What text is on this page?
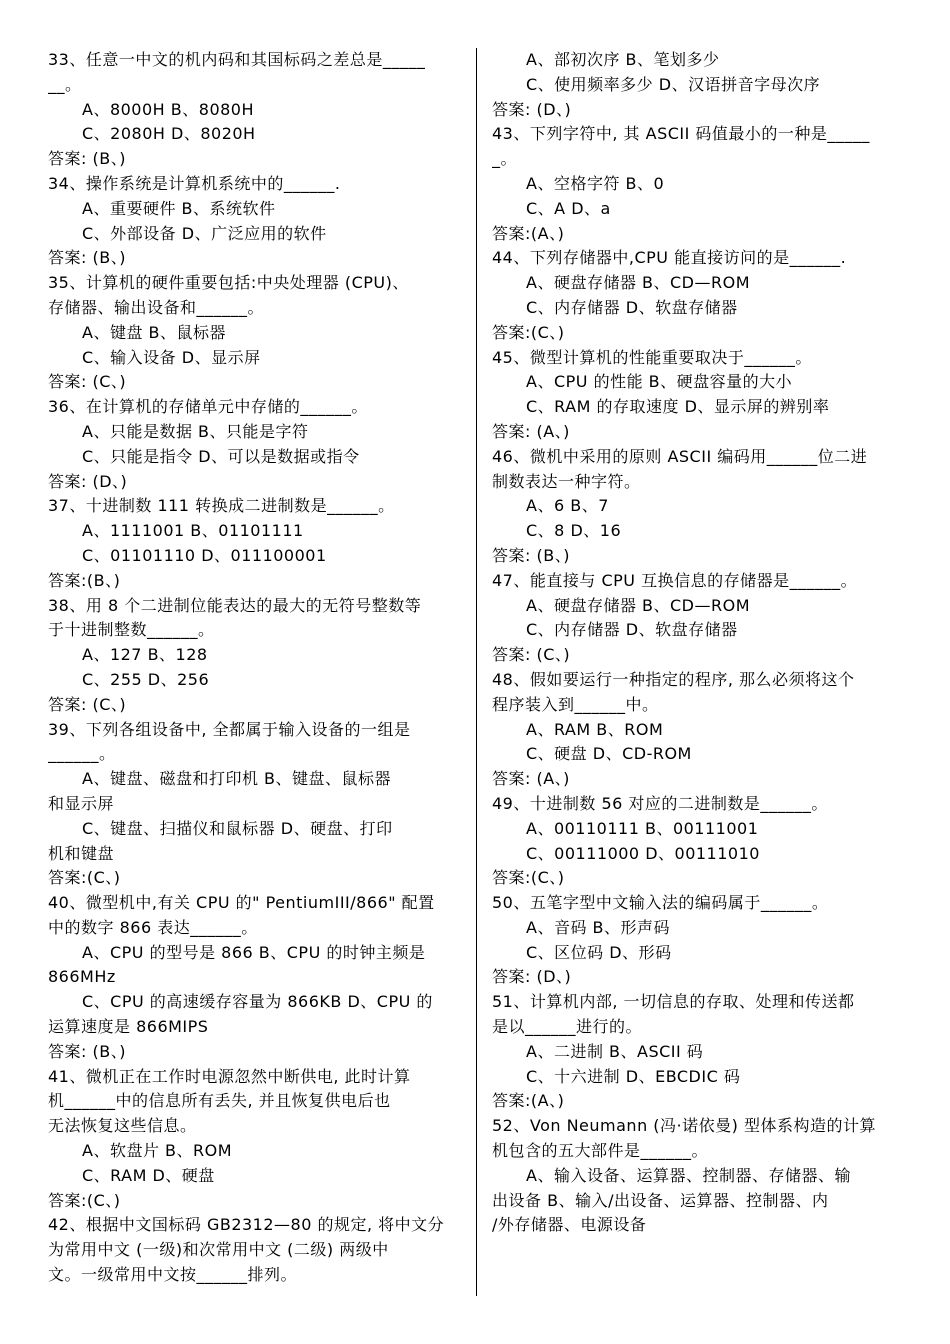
33、任意一中文的机内码和其国标码之差总是_____
__。
A、8000H B、8080H
C、2080H D、8020H
答案: (B、)
34、操作系统是计算机系统中的______.
A、重要硬件 B、系统软件
C、外部设备 D、广泛应用的软件
答案: (B、)
35、计算机的硬件重要包括:中央处理器 (CPU)、
存储器、输出设备和______。
A、键盘 B、鼠标器
C、输入设备 D、显示屏
答案: (C、)
36、在计算机的存储单元中存储的______。
A、只能是数据 B、只能是字符
C、只能是指令 D、可以是数据或指令
答案: (D、)
37、十进制数 111 转换成二进制数是______。
A、1111001 B、01101111
C、01101110 D、011100001
答案:(B、)
38、用 8 个二进制位能表达的最大的无符号整数等
于十进制整数______。
A、127 B、128
C、255 D、256
答案: (C、)
39、下列各组设备中, 全都属于输入设备的一组是
______。
A、键盘、磁盘和打印机 B、键盘、鼠标器
和显示屏
C、键盘、扫描仪和鼠标器 D、硬盘、打印
机和键盘
答案:(C、)
40、微型机中,有关 CPU 的" PentiumIII/866" 配置
中的数字 866 表达______。
A、CPU 的型号是 866 B、CPU 的时钟主频是
866MHz
C、CPU 的高速缓存容量为 866KB D、CPU 的
运算速度是 866MIPS
答案: (B、)
41、微机正在工作时电源忽然中断供电, 此时计算
机______中的信息所有丢失, 并且恢复供电后也
无法恢复这些信息。
A、软盘片 B、ROM
C、RAM D、硬盘
答案:(C、)
42、根据中文国标码 GB2312—80 的规定, 将中文分
为常用中文 (一级)和次常用中文 (二级) 两级中
文。一级常用中文按______排列。
A、部初次序 B、笔划多少
C、使用频率多少 D、汉语拼音字母次序
答案: (D、)
43、下列字符中, 其 ASCII 码值最小的一种是_____
_。
A、空格字符 B、0
C、A D、a
答案:(A、)
44、下列存储器中,CPU 能直接访问的是______.
A、硬盘存储器 B、CD—ROM
C、内存储器 D、软盘存储器
答案:(C、)
45、微型计算机的性能重要取决于______。
A、CPU 的性能 B、硬盘容量的大小
C、RAM 的存取速度 D、显示屏的辨别率
答案: (A、)
46、微机中采用的原则 ASCII 编码用______位二进
制数表达一种字符。
A、6 B、7
C、8 D、16
答案: (B、)
47、能直接与 CPU 互换信息的存储器是______。
A、硬盘存储器 B、CD—ROM
C、内存储器 D、软盘存储器
答案: (C、)
48、假如要运行一种指定的程序, 那么必须将这个
程序装入到______中。
A、RAM B、ROM
C、硬盘 D、CD-ROM
答案: (A、)
49、十进制数 56 对应的二进制数是______。
A、00110111 B、00111001
C、00111000 D、00111010
答案:(C、)
50、五笔字型中文输入法的编码属于______。
A、音码 B、形声码
C、区位码 D、形码
答案: (D、)
51、计算机内部, 一切信息的存取、处理和传送都
是以______进行的。
A、二进制 B、ASCII 码
C、十六进制 D、EBCDIC 码
答案:(A、)
52、Von Neumann (冯·诺依曼) 型体系构造的计算
机包含的五大部件是______。
A、输入设备、运算器、控制器、存储器、输
出设备 B、输入/出设备、运算器、控制器、内
/外存储器、电源设备
